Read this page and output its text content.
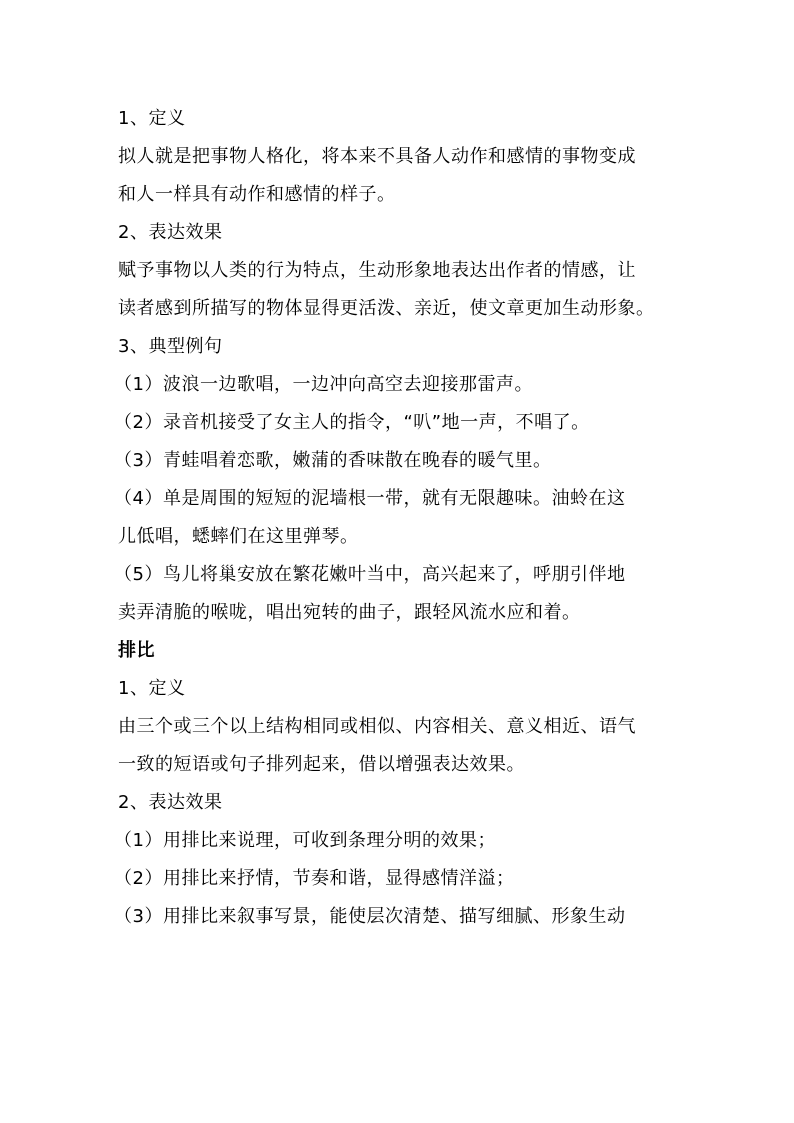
1、定义
拟人就是把事物人格化，将本来不具备人动作和感情的事物变成
和人一样具有动作和感情的样子。
2、表达效果
赋予事物以人类的行为特点，生动形象地表达出作者的情感，让
读者感到所描写的物体显得更活泼、亲近，使文章更加生动形象。
3、典型例句
（1）波浪一边歌唱，一边冲向高空去迎接那雷声。
（2）录音机接受了女主人的指令，“叭”地一声，不唱了。
（3）青蛙唱着恋歌，嫩蒲的香味散在晚春的暖气里。
（4）单是周围的短短的泥墙根一带，就有无限趣味。油蛉在这
儿低唱，蟋蟀们在这里弹琴。
（5）鸟儿将巢安放在繁花嫩叶当中，高兴起来了，呼朋引伴地
卖弄清脆的喉咙，唱出宛转的曲子，跟轻风流水应和着。
排比
1、定义
由三个或三个以上结构相同或相似、内容相关、意义相近、语气
一致的短语或句子排列起来，借以增强表达效果。
2、表达效果
（1）用排比来说理，可收到条理分明的效果；
（2）用排比来抒情，节奏和谐，显得感情洋溢；
（3）用排比来叙事写景，能使层次清楚、描写细腻、形象生动
